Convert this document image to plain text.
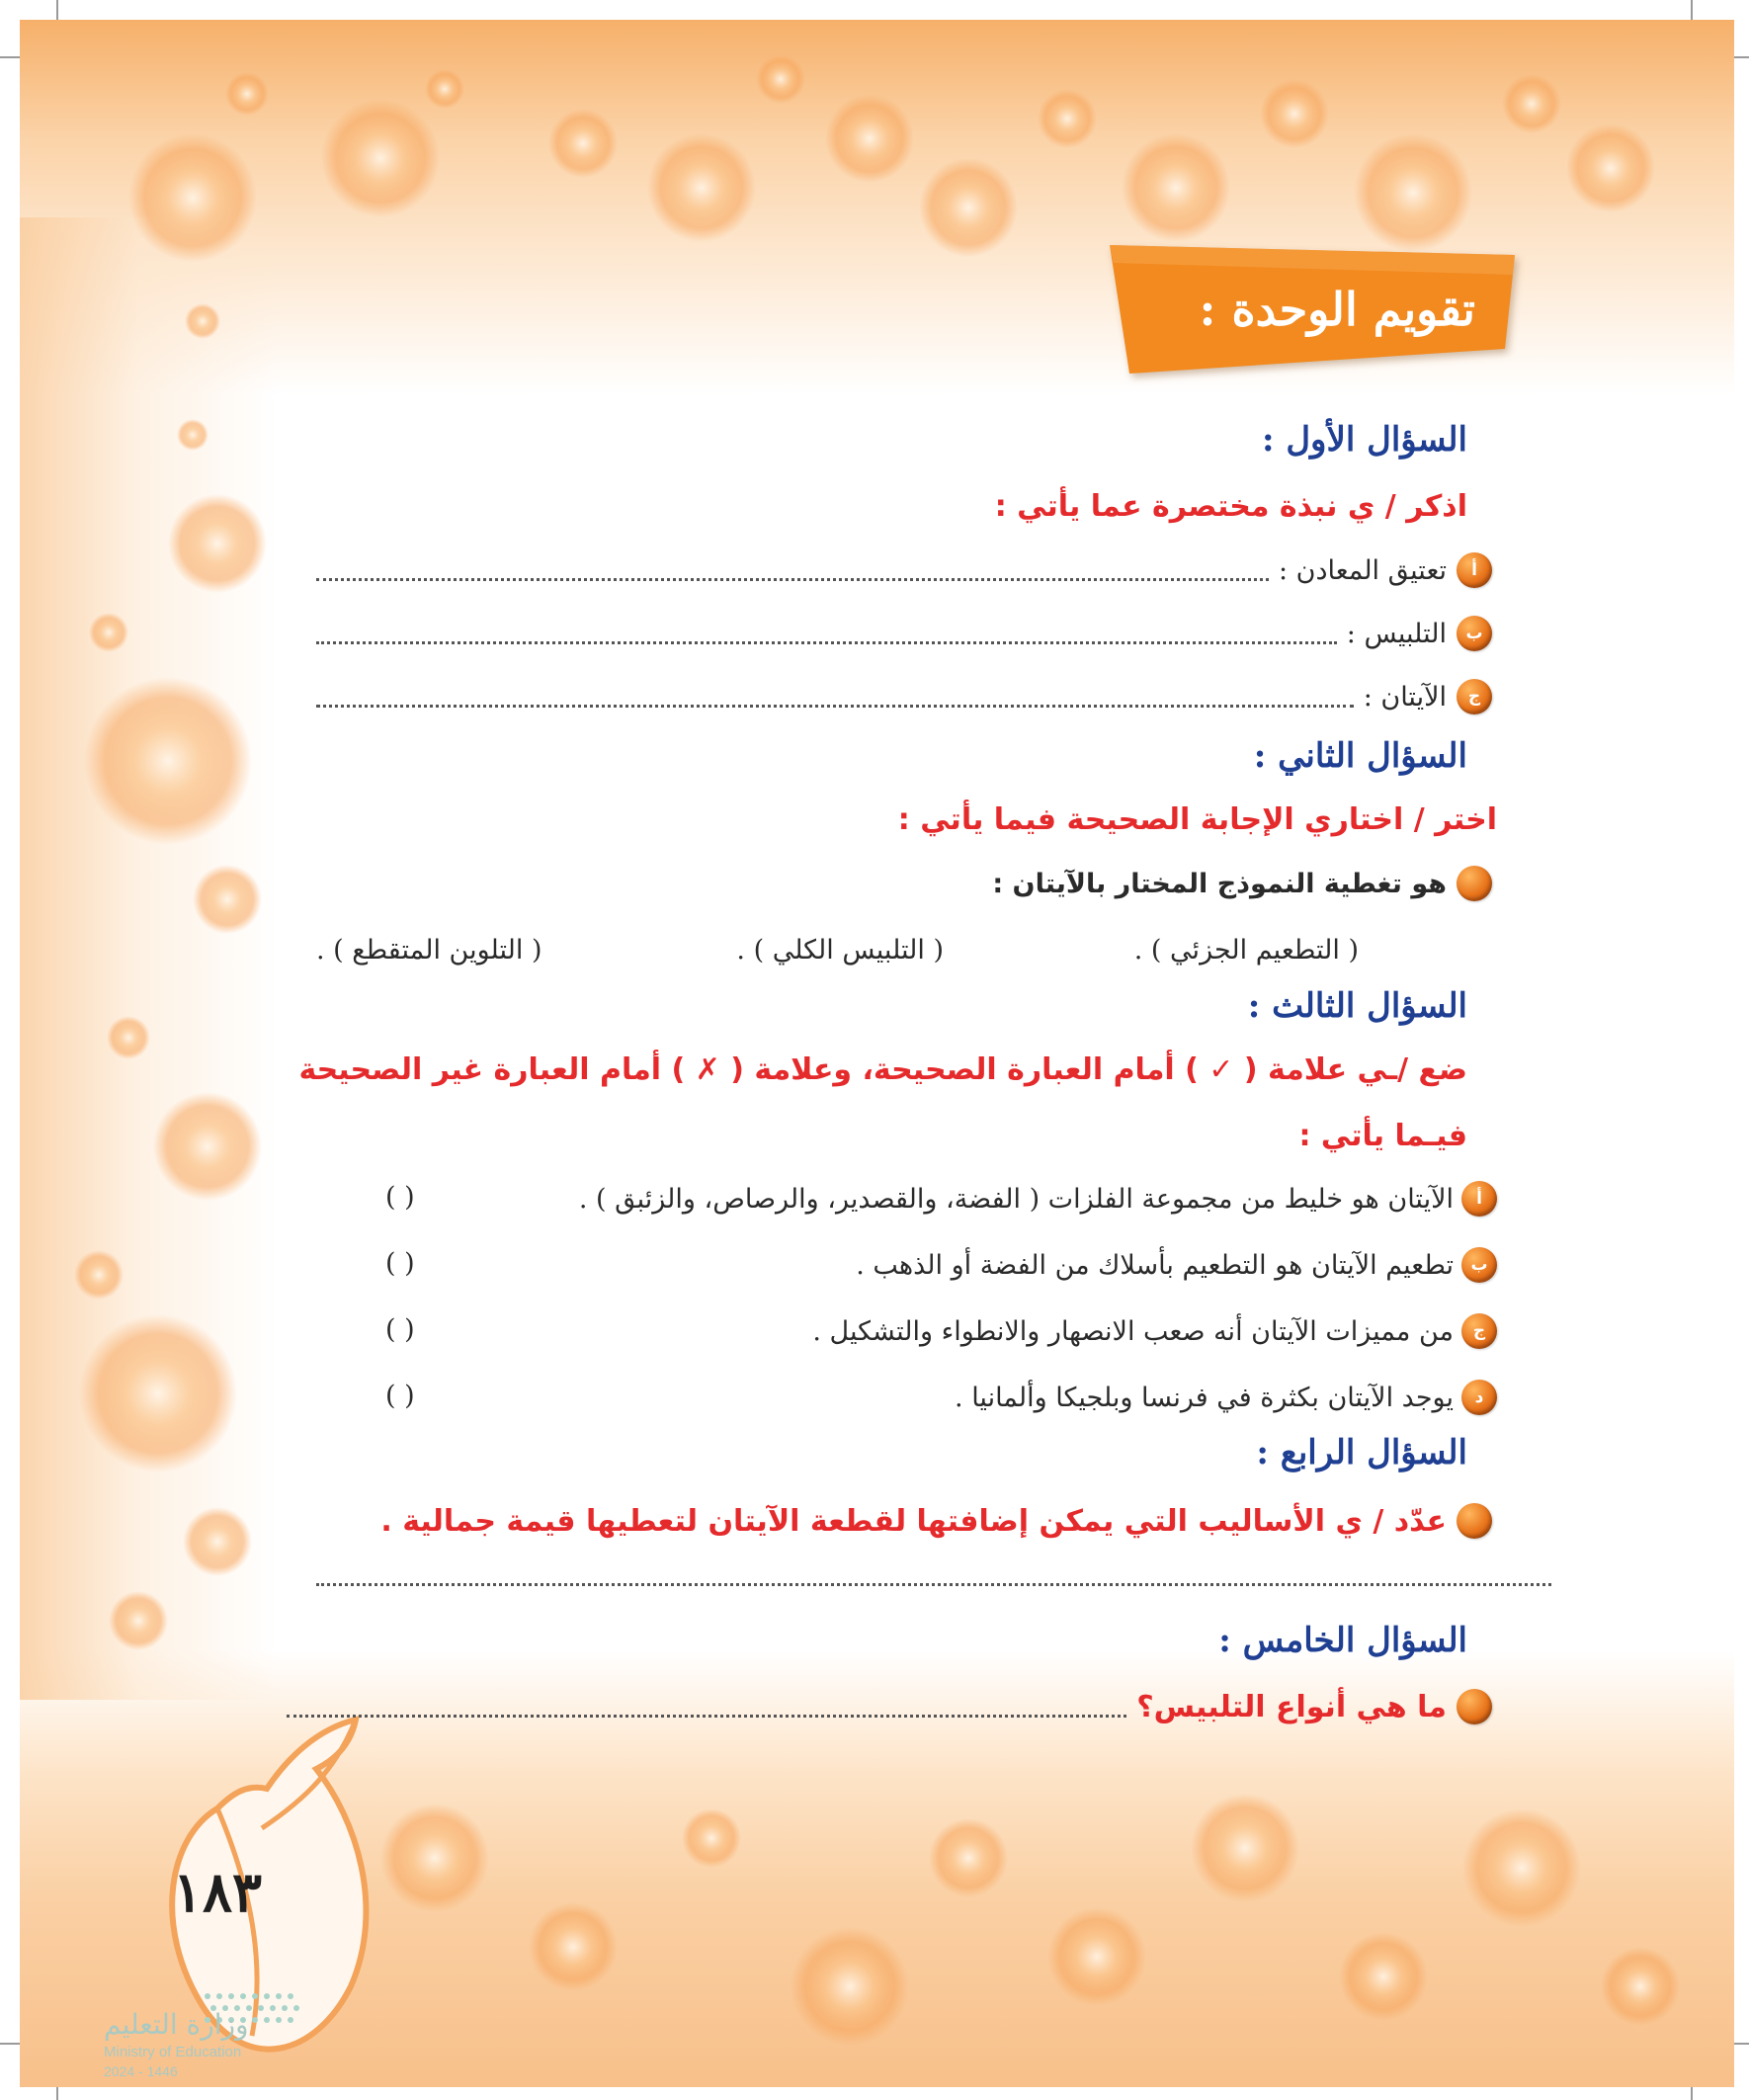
تقويم الوحدة :
السؤال الأول :
اذكر / ي نبذة مختصرة عما يأتي :
أ
تعتيق المعادن :
ب
التلبيس :
ج
الآيتان :
السؤال الثاني :
اختر / اختاري الإجابة الصحيحة فيما يأتي :
هو تغطية النموذج المختار بالآيتان :
( التطعيم الجزئي ) .
( التلبيس الكلي ) .
( التلوين المتقطع ) .
السؤال الثالث :
ضع /ـي علامة ( ✓ ) أمام العبارة الصحيحة، وعلامة ( ✗ ) أمام العبارة غير الصحيحة
فيـما يأتي :
أ
الآيتان هو خليط من مجموعة الفلزات ( الفضة، والقصدير، والرصاص، والزئبق ) .
( )
ب
تطعيم الآيتان هو التطعيم بأسلاك من الفضة أو الذهب .
( )
ج
من مميزات الآيتان أنه صعب الانصهار والانطواء والتشكيل .
( )
د
يوجد الآيتان بكثرة في فرنسا وبلجيكا وألمانيا .
( )
السؤال الرابع :
عدّد / ي الأساليب التي يمكن إضافتها لقطعة الآيتان لتعطيها قيمة جمالية .
السؤال الخامس :
ما هي أنواع التلبيس؟
١٨٣
وزارة التعليم
Ministry of Education
2024 - 1446
